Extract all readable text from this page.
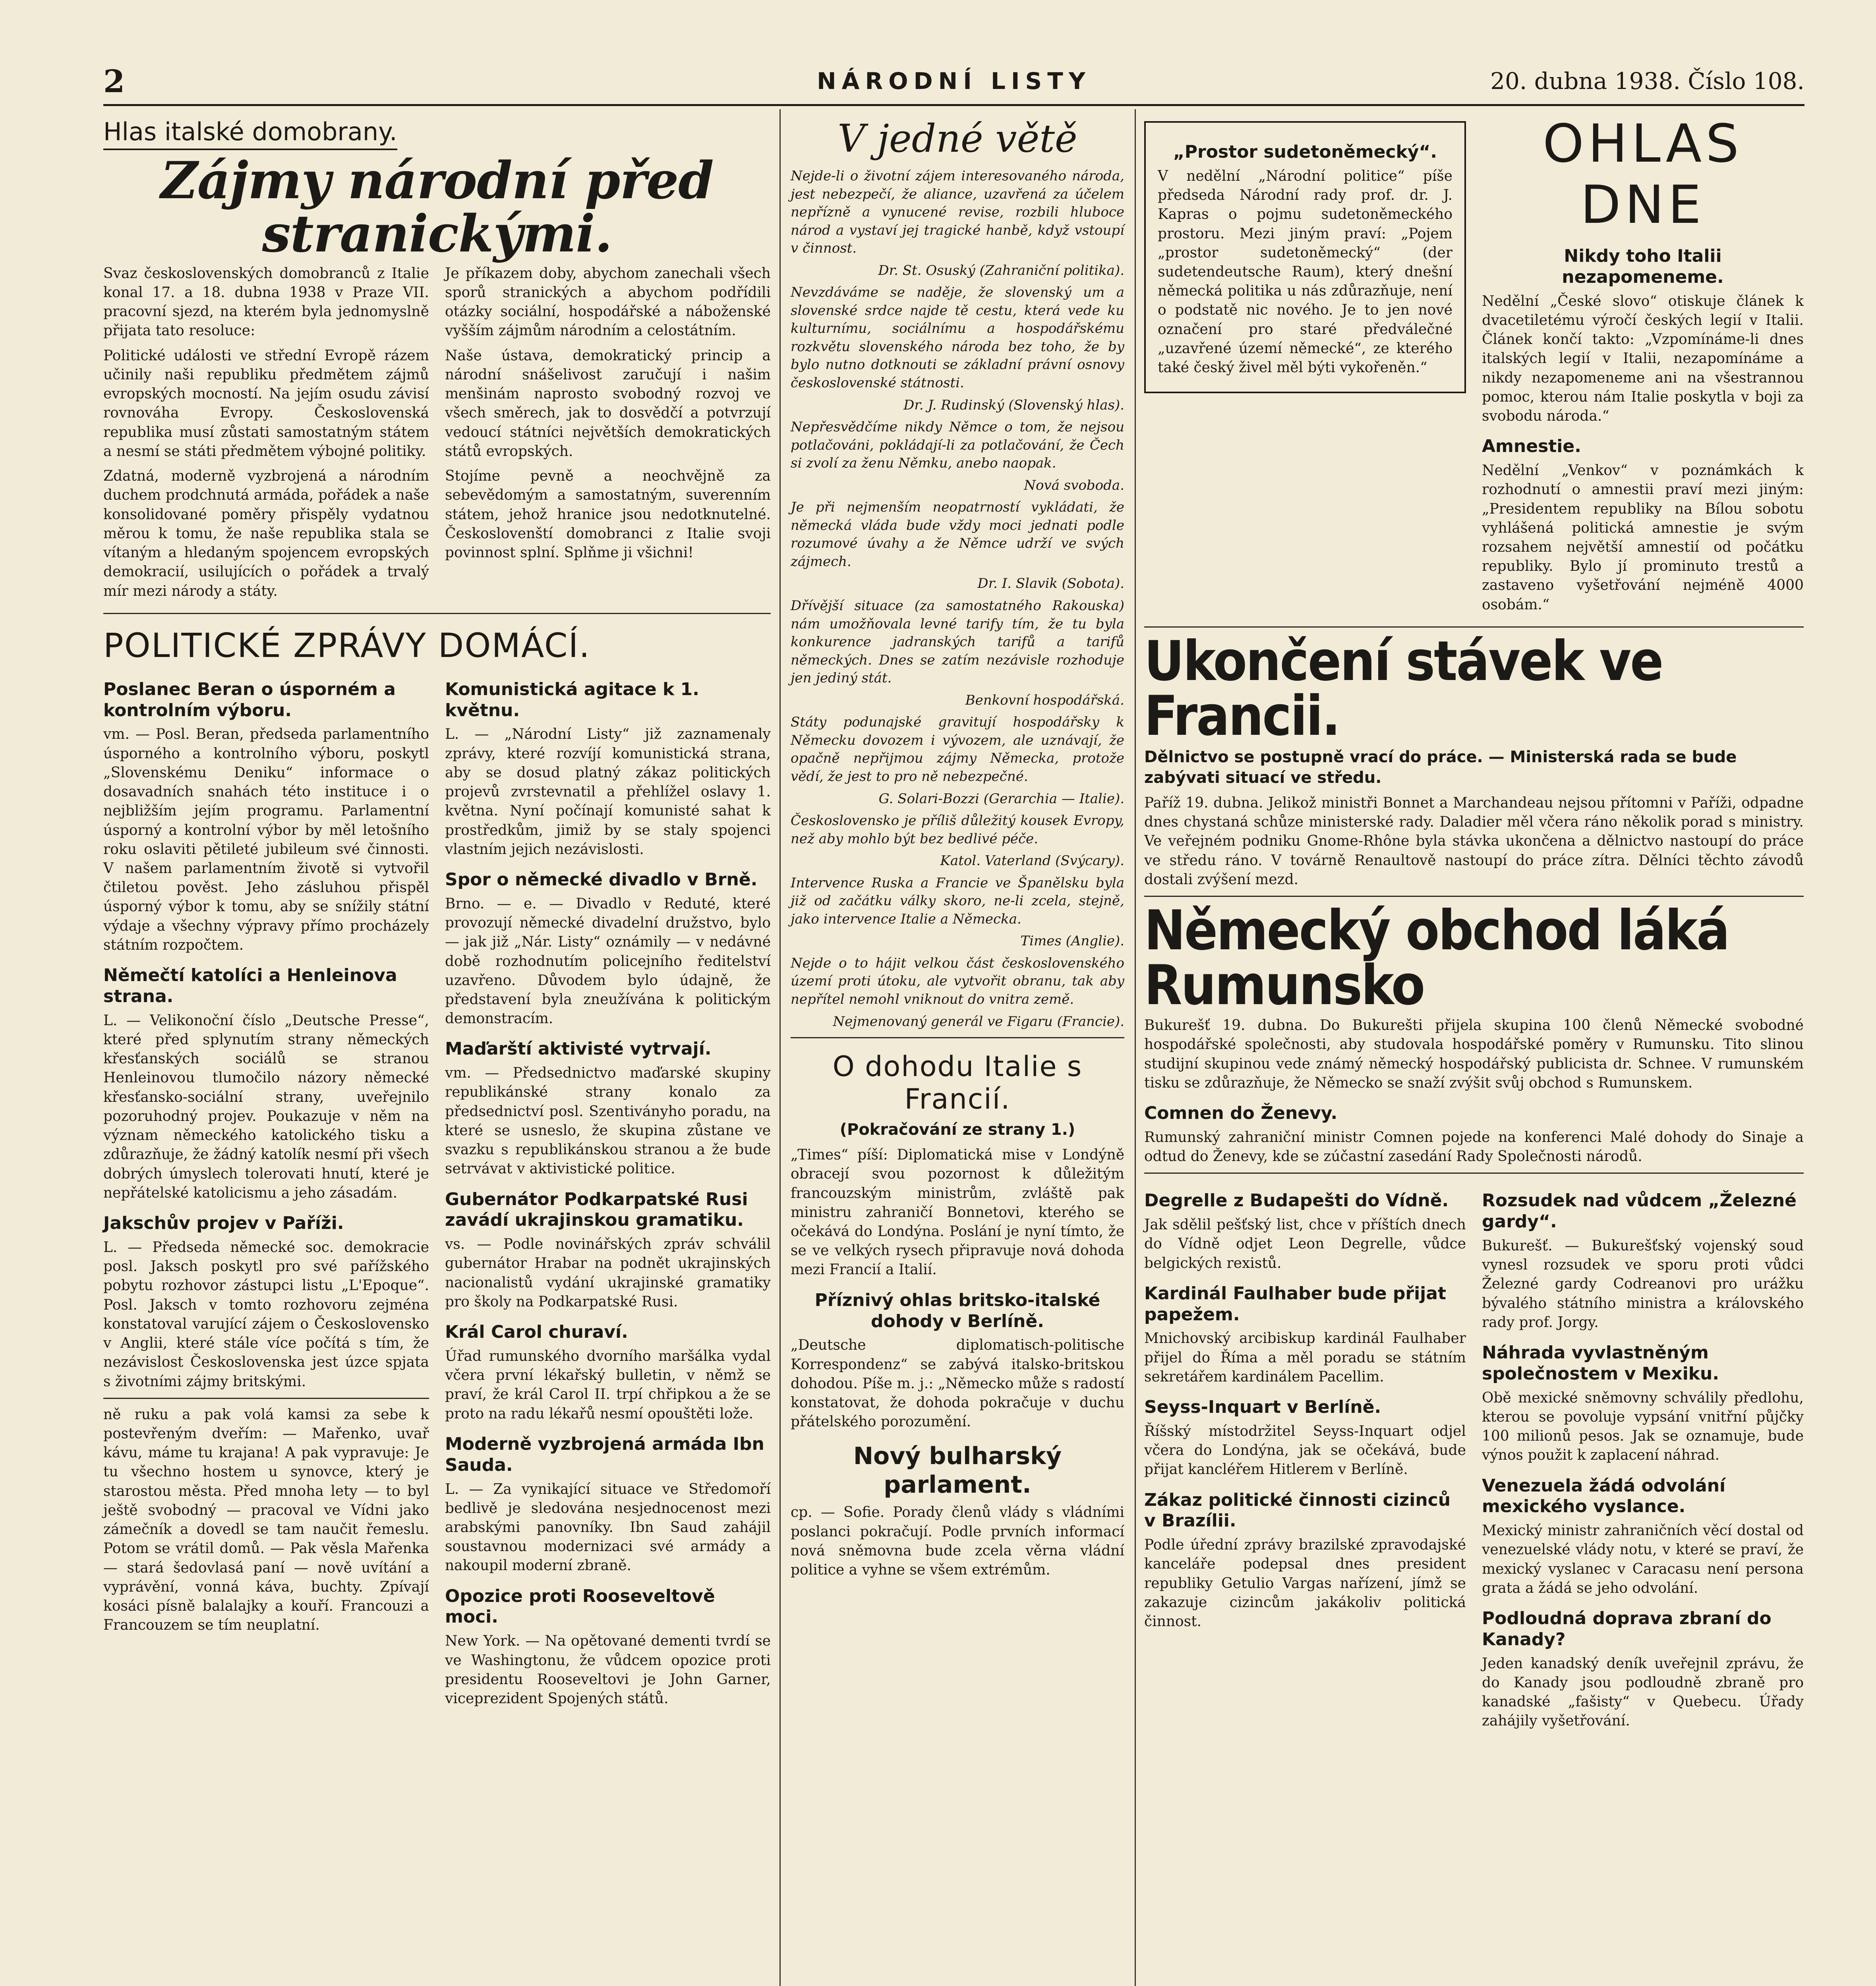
2	NÁRODNÍ LISTY	20. dubna 1938. Číslo 108.
Hlas italské domobrany.
Zájmy národní před stranickými.

Svaz československých domobranců z Italie konal 17. a 18. dubna 1938 v Praze VII. pracovní sjezd, na kterém byla jednomyslně přijata tato resoluce:

Politické události ve střední Evropě rázem učinily naši republiku předmětem zájmů evropských mocností. Na jejím osudu závisí rovnováha Evropy. Československá republika musí zůstati samostatným státem a nesmí se státi předmětem výbojné politiky.

Zdatná, moderně vyzbrojená a národním duchem prodchnutá armáda, pořádek a naše konsolidované poměry přispěly vydatnou měrou k tomu, že naše republika stala se vítaným a hledaným spojencem evropských demokracií, usilujících o pořádek a trvalý mír mezi národy a státy.

Je příkazem doby, abychom zanechali všech sporů stranických a abychom podřídili otázky sociální, hospodářské a náboženské vyšším zájmům národním a celostátním.

Naše ústava, demokratický princip a národní snášelivost zaručují i našim menšinám naprosto svobodný rozvoj ve všech směrech, jak to dosvědčí a potvrzují vedoucí státníci největších demokratických států evropských.

Stojíme pevně a neochvějně za sebevědomým a samostatným, suverenním státem, jehož hranice jsou nedotknutelné. Českoslovenští domobranci z Italie svoji povinnost splní. Splňme ji všichni!

POLITICKÉ ZPRÁVY DOMÁCÍ.
Poslanec Beran o úsporném a kontrolním výboru.

vm. — Posl. Beran, předseda parlamentního úsporného a kontrolního výboru, poskytl „Slovenskému Deniku“ informace o dosavadních snahách této instituce i o nejbližším jejím programu. Parlamentní úsporný a kontrolní výbor by měl letošního roku oslaviti pětileté jubileum své činnosti. V našem parlamentním životě si vytvořil čtiletou pověst. Jeho zásluhou přispěl úsporný výbor k tomu, aby se snížily státní výdaje a všechny výpravy přímo procházely státním rozpočtem.

Němečtí katolíci a Henleinova strana.

L. — Velikonoční číslo „Deutsche Presse“, které před splynutím strany německých křesťanských sociálů se stranou Henleinovou tlumočilo názory německé křesťansko-sociální strany, uveřejnilo pozoruhodný projev. Poukazuje v něm na význam německého katolického tisku a zdůrazňuje, že žádný katolík nesmí při všech dobrých úmyslech tolerovati hnutí, které je nepřátelské katolicismu a jeho zásadám.

Jakschův projev v Paříži.

L. — Předseda německé soc. demokracie posl. Jaksch poskytl pro své pařížského pobytu rozhovor zástupci listu „L'Epoque“. Posl. Jaksch v tomto rozhovoru zejména konstatoval varující zájem o Československo v Anglii, které stále více počítá s tím, že nezávislost Československa jest úzce spjata s životními zájmy britskými.

ně ruku a pak volá kamsi za sebe k postevřeným dveřím: — Mařenko, uvař kávu, máme tu krajana! A pak vypravuje: Je tu všechno hostem u synovce, který je starostou města. Před mnoha lety — to byl ještě svobodný — pracoval ve Vídni jako zámečník a dovedl se tam naučit řemeslu. Potom se vrátil domů. — Pak věsla Mařenka — stará šedovlasá paní — nově uvítání a vyprávění, vonná káva, buchty. Zpívají kosáci písně balalajky a kouří. Francouzi a Francouzem se tím neuplatní.

Komunistická agitace k 1. květnu.

L. — „Národní Listy“ již zaznamenaly zprávy, které rozvíjí komunistická strana, aby se dosud platný zákaz politických projevů zvrstevnatil a přehlížel oslavy 1. května. Nyní počínají komunisté sahat k prostředkům, jimiž by se staly spojenci vlastním jejich nezávislosti.

Spor o německé divadlo v Brně.

Brno. — e. — Divadlo v Reduté, které provozují německé divadelní družstvo, bylo — jak již „Nár. Listy“ oznámily — v nedávné době rozhodnutím policejního ředitelství uzavřeno. Důvodem bylo údajně, že představení byla zneužívána k politickým demonstracím.

Maďarští aktivisté vytrvají.

vm. — Předsednictvo maďarské skupiny republikánské strany konalo za předsednictví posl. Szentiványho poradu, na které se usneslo, že skupina zůstane ve svazku s republikánskou stranou a že bude setrvávat v aktivistické politice.

Gubernátor Podkarpatské Rusi zavádí ukrajinskou gramatiku.

vs. — Podle novinářských zpráv schválil gubernátor Hrabar na podnět ukrajinských nacionalistů vydání ukrajinské gramatiky pro školy na Podkarpatské Rusi.

Král Carol churaví.

Úřad rumunského dvorního maršálka vydal včera první lékařský bulletin, v němž se praví, že král Carol II. trpí chřipkou a že se proto na radu lékařů nesmí opouštěti lože.

Moderně vyzbrojená armáda Ibn Sauda.

L. — Za vynikající situace ve Středomoří bedlivě je sledována nesjednocenost mezi arabskými panovníky. Ibn Saud zahájil soustavnou modernizaci své armády a nakoupil moderní zbraně.

Opozice proti Rooseveltově moci.

New York. — Na opětované dementi tvrdí se ve Washingtonu, že vůdcem opozice proti presidentu Rooseveltovi je John Garner, viceprezident Spojených států.

V jedné větě

Nejde-li o životní zájem interesovaného národa, jest nebezpečí, že aliance, uzavřená za účelem nepřízně a vynucené revise, rozbili hluboce národ a vystaví jej tragické hanbě, když vstoupí v činnost.

Dr. St. Osuský (Zahraniční politika).

Nevzdáváme se naděje, že slovenský um a slovenské srdce najde tě cestu, která vede ku kulturnímu, sociálnímu a hospodářskému rozkvětu slovenského národa bez toho, že by bylo nutno dotknouti se základní právní osnovy československé státnosti.

Dr. J. Rudinský (Slovenský hlas).

Nepřesvědčíme nikdy Němce o tom, že nejsou potlačováni, pokládají-li za potlačování, že Čech si zvolí za ženu Němku, anebo naopak.

Nová svoboda.

Je při nejmenším neopatrností vykládati, že německá vláda bude vždy moci jednati podle rozumové úvahy a že Němce udrží ve svých zájmech.

Dr. I. Slavik (Sobota).

Dřívější situace (za samostatného Rakouska) nám umožňovala levné tarify tím, že tu byla konkurence jadranských tarifů a tarifů německých. Dnes se zatím nezávisle rozhoduje jen jediný stát.

Benkovní hospodářská.

Státy podunajské gravitují hospodářsky k Německu dovozem i vývozem, ale uznávají, že opačně nepřijmou zájmy Německa, protože vědí, že jest to pro ně nebezpečné.

G. Solari-Bozzi (Gerarchia — Italie).

Československo je příliš důležitý kousek Evropy, než aby mohlo být bez bedlivé péče.

Katol. Vaterland (Svýcary).

Intervence Ruska a Francie ve Španělsku byla již od začátku války skoro, ne-li zcela, stejně, jako intervence Italie a Německa.

Times (Anglie).

Nejde o to hájit velkou část československého území proti útoku, ale vytvořit obranu, tak aby nepřítel nemohl vniknout do vnitra země.

Nejmenovaný generál ve Figaru (Francie).

O dohodu Italie s Francií.
(Pokračování ze strany 1.)

„Times“ píší: Diplomatická mise v Londýně obracejí svou pozornost k důležitým francouzským ministrům, zvláště pak ministru zahraničí Bonnetovi, kterého se očekává do Londýna. Poslání je nyní tímto, že se ve velkých rysech připravuje nová dohoda mezi Francií a Italií.

Příznivý ohlas britsko-italské dohody v Berlíně.

„Deutsche diplomatisch-politische Korrespondenz“ se zabývá italsko-britskou dohodou. Píše m. j.: „Německo může s radostí konstatovat, že dohoda pokračuje v duchu přátelského porozumění.

Nový bulharský parlament.

cp. — Sofie. Porady členů vlády s vládními poslanci pokračují. Podle prvních informací nová sněmovna bude zcela věrna vládní politice a vyhne se všem extrémům.

„Prostor sudetoněmecký“.

V nedělní „Národní politice“ píše předseda Národní rady prof. dr. J. Kapras o pojmu sudetoněmeckého prostoru. Mezi jiným praví: „Pojem „prostor sudetoněmecký“ (der sudetendeutsche Raum), který dnešní německá politika u nás zdůrazňuje, není o podstatě nic nového. Je to jen nové označení pro staré předválečné „uzavřené území německé“, ze kterého také český živel měl býti vykořeněn.“

OHLAS DNE
Nikdy toho Italii nezapomeneme.

Nedělní „České slovo“ otiskuje článek k dvacetiletému výročí českých legií v Italii. Článek končí takto: „Vzpomínáme-li dnes italských legií v Italii, nezapomínáme a nikdy nezapomeneme ani na všestrannou pomoc, kterou nám Italie poskytla v boji za svobodu národa.“

Amnestie.

Nedělní „Venkov“ v poznámkách k rozhodnutí o amnestii praví mezi jiným: „Presidentem republiky na Bílou sobotu vyhlášená politická amnestie je svým rozsahem největší amnestií od počátku republiky. Bylo jí prominuto trestů a zastaveno vyšetřování nejméně 4000 osobám.“

Ukončení stávek ve Francii.
Dělnictvo se postupně vrací do práce. — Ministerská rada se bude zabývati situací ve středu.

Paříž 19. dubna. Jelikož ministři Bonnet a Marchandeau nejsou přítomni v Paříži, odpadne dnes chystaná schůze ministerské rady. Daladier měl včera ráno několik porad s ministry. Ve veřejném podniku Gnome-Rhône byla stávka ukončena a dělnictvo nastoupí do práce ve středu ráno. V továrně Renaultově nastoupí do práce zítra. Dělníci těchto závodů dostali zvýšení mezd.

Německý obchod láká Rumunsko

Bukurešť 19. dubna. Do Bukurešti přijela skupina 100 členů Německé svobodné hospodářské společnosti, aby studovala hospodářské poměry v Rumunsku. Tito slinou studijní skupinou vede známý německý hospodářský publicista dr. Schnee. V rumunském tisku se zdůrazňuje, že Německo se snaží zvýšit svůj obchod s Rumunskem.

Comnen do Ženevy.

Rumunský zahraniční ministr Comnen pojede na konferenci Malé dohody do Sinaje a odtud do Ženevy, kde se zúčastní zasedání Rady Společnosti národů.

Degrelle z Budapešti do Vídně.

Jak sdělil pešťský list, chce v příštích dnech do Vídně odjet Leon Degrelle, vůdce belgických rexistů.

Kardinál Faulhaber bude přijat papežem.

Mnichovský arcibiskup kardinál Faulhaber přijel do Říma a měl poradu se státním sekretářem kardinálem Pacellim.

Seyss-Inquart v Berlíně.

Říšský místodržitel Seyss-Inquart odjel včera do Londýna, jak se očekává, bude přijat kancléřem Hitlerem v Berlíně.

Zákaz politické činnosti cizinců v Brazílii.

Podle úřední zprávy brazilské zpravodajské kanceláře podepsal dnes president republiky Getulio Vargas nařízení, jímž se zakazuje cizincům jakákoliv politická činnost.

Rozsudek nad vůdcem „Železné gardy“.

Bukurešť. — Bukurešťský vojenský soud vynesl rozsudek ve sporu proti vůdci Železné gardy Codreanovi pro urážku bývalého státního ministra a královského rady prof. Jorgy.

Náhrada vyvlastněným společnostem v Mexiku.

Obě mexické sněmovny schválily předlohu, kterou se povoluje vypsání vnitřní půjčky 100 milionů pesos. Jak se oznamuje, bude výnos použit k zaplacení náhrad.

Venezuela žádá odvolání mexického vyslance.

Mexický ministr zahraničních věcí dostal od venezuelské vlády notu, v které se praví, že mexický vyslanec v Caracasu není persona grata a žádá se jeho odvolání.

Podloudná doprava zbraní do Kanady?

Jeden kanadský deník uveřejnil zprávu, že do Kanady jsou podloudně zbraně pro kanadské „fašisty“ v Quebecu. Úřady zahájily vyšetřování.
